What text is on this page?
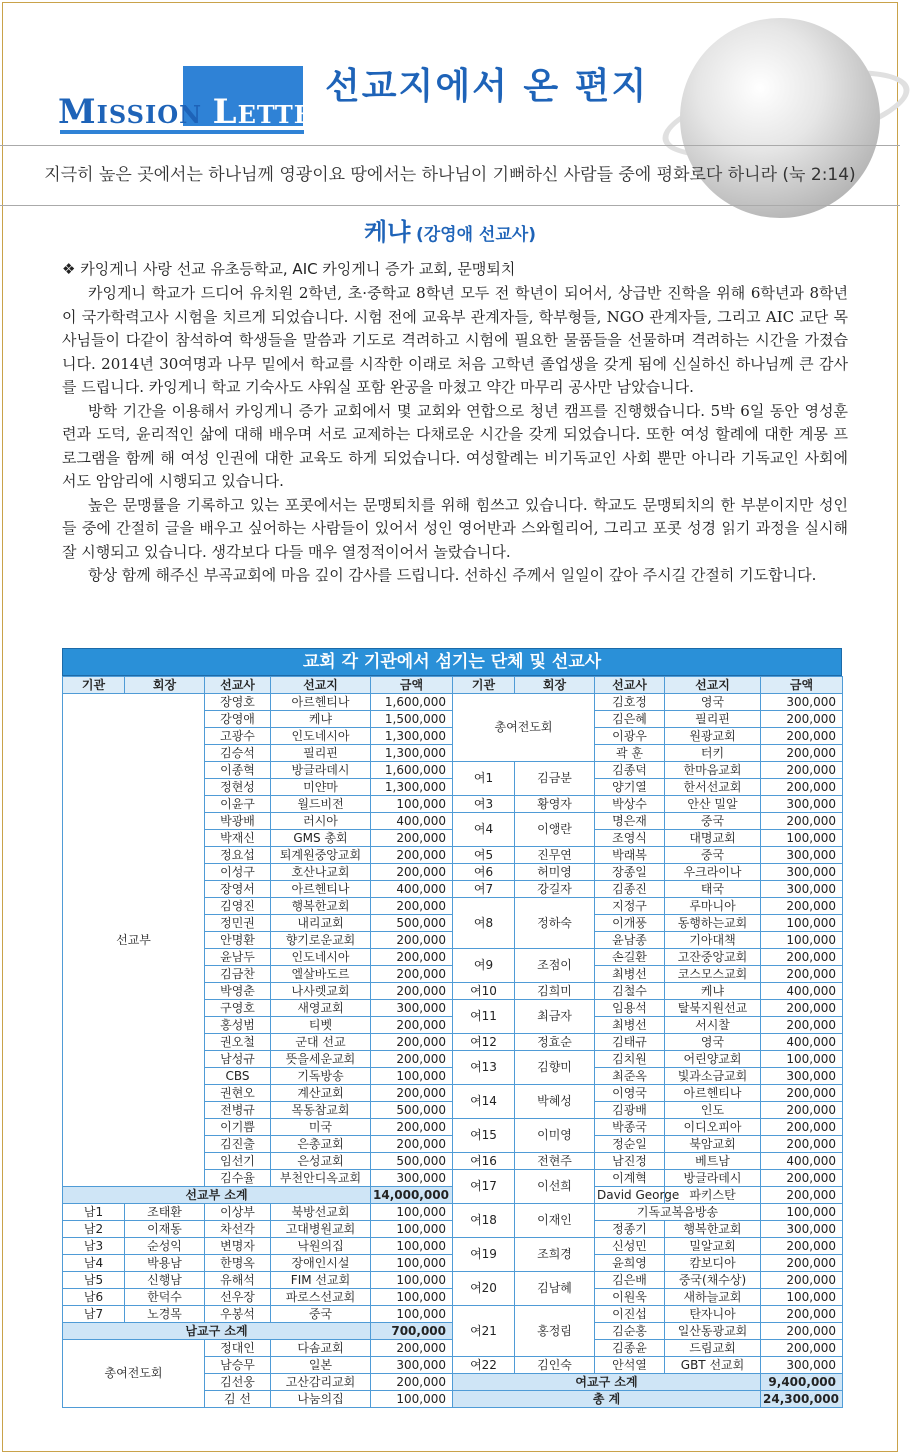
MISSION LETTER
선교지에서 온 편지
지극히 높은 곳에서는 하나님께 영광이요 땅에서는 하나님이 기뻐하신 사람들 중에 평화로다 하니라 (눅 2:14)
케냐 (강영애 선교사)
❖ 카잉게니 사랑 선교 유초등학교, AIC 카잉게니 증가 교회, 문맹퇴치

카잉게니 학교가 드디어 유치원 2학년, 초·중학교 8학년 모두 전 학년이 되어서, 상급반 진학을 위해 6학년과 8학년이 국가학력고사 시험을 치르게 되었습니다. 시험 전에 교육부 관계자들, 학부형들, NGO 관계자들, 그리고 AIC 교단 목사님들이 다같이 참석하여 학생들을 말씀과 기도로 격려하고 시험에 필요한 물품들을 선물하며 격려하는 시간을 가졌습니다. 2014년 30여명과 나무 밑에서 학교를 시작한 이래로 처음 고학년 졸업생을 갖게 됨에 신실하신 하나님께 큰 감사를 드립니다. 카잉게니 학교 기숙사도 샤워실 포함 완공을 마쳤고 약간 마무리 공사만 남았습니다.

방학 기간을 이용해서 카잉게니 증가 교회에서 몇 교회와 연합으로 청년 캠프를 진행했습니다. 5박 6일 동안 영성훈련과 도덕, 윤리적인 삶에 대해 배우며 서로 교제하는 다채로운 시간을 갖게 되었습니다. 또한 여성 할례에 대한 계몽 프로그램을 함께 해 여성 인권에 대한 교육도 하게 되었습니다. 여성할례는 비기독교인 사회 뿐만 아니라 기독교인 사회에서도 암암리에 시행되고 있습니다.

높은 문맹률을 기록하고 있는 포콧에서는 문맹퇴치를 위해 힘쓰고 있습니다. 학교도 문맹퇴치의 한 부분이지만 성인들 중에 간절히 글을 배우고 싶어하는 사람들이 있어서 성인 영어반과 스와힐리어, 그리고 포콧 성경 읽기 과정을 실시해 잘 시행되고 있습니다. 생각보다 다들 매우 열정적이어서 놀랐습니다.

항상 함께 해주신 부곡교회에 마음 깊이 감사를 드립니다. 선하신 주께서 일일이 갚아 주시길 간절히 기도합니다.

교회 각 기관에서 섬기는 단체 및 선교사
기관	회장	선교사	선교지	금액	기관	회장	선교사	선교지	금액
선교부		장영호	아르헨티나	1,600,000	총여전도회		김호정	영국	300,000
		강영애	케냐	1,500,000			김은혜	필리핀	200,000
		고광수	인도네시아	1,300,000			이광우	원광교회	200,000
		김승석	필리핀	1,300,000			곽 훈	터키	200,000
		이종혁	방글라데시	1,600,000	여1	김금분	김종덕	한마음교회	200,000
		정현성	미얀마	1,300,000			양기열	한서선교회	200,000
		이윤구	월드비전	100,000	여3	황영자	박상수	안산 밀알	300,000
		박광배	러시아	400,000	여4	이앵란	명은재	중국	200,000
		박재신	GMS 총회	200,000			조영식	대명교회	100,000
		정요섭	퇴계원중앙교회	200,000	여5	진무연	박래복	중국	300,000
		이성구	호산나교회	200,000	여6	허미영	장종일	우크라이나	300,000
		장영서	아르헨티나	400,000	여7	강길자	김종진	태국	300,000
		김영진	행복한교회	200,000	여8	정하숙	지정구	루마니아	200,000
		정민권	내리교회	500,000			이개풍	동행하는교회	100,000
		안명환	향기로운교회	200,000			윤남종	기아대책	100,000
		윤남두	인도네시아	200,000	여9	조점이	손길환	고잔중앙교회	200,000
		김금찬	엘살바도르	200,000			최병선	코스모스교회	200,000
		박영춘	나사렛교회	200,000	여10	김희미	김철수	케냐	400,000
		구영호	새영교회	300,000	여11	최금자	임용석	탈북지원선교	200,000
		홍성범	티벳	200,000			최병선	서시찰	200,000
		권오철	군대 선교	200,000	여12	정효순	김태규	영국	400,000
		남성규	뜻을세운교회	200,000	여13	김향미	김치원	어린양교회	100,000
		CBS	기독방송	100,000			최준옥	빛과소금교회	300,000
		권현오	계산교회	200,000	여14	박혜성	이영국	아르헨티나	200,000
		전병규	목동참교회	500,000			김광배	인도	200,000
		이기쁨	미국	200,000	여15	이미영	박종국	이디오피아	200,000
		김진출	은총교회	200,000			정순일	북암교회	200,000
		임선기	은성교회	500,000	여16	전현주	남진정	베트남	400,000
		김수율	부천안디옥교회	300,000	여17	이선희	이계혁	방글라데시	200,000
선교부 소계				14,000,000			David George	파키스탄	200,000
남1	조태환	이상부	북방선교회	100,000	여18	이재인	기독교복음방송		100,000
남2	이재동	차선각	고대병원교회	100,000			정종기	행복한교회	300,000
남3	순성익	변명자	낙원의집	100,000	여19	조희경	신성민	밀알교회	200,000
남4	박용남	한명옥	장애인시설	100,000			윤희영	캄보디아	200,000
남5	신행남	유해석	FIM 선교회	100,000	여20	김남혜	김은배	중국(채수상)	200,000
남6	한덕수	선우장	파로스선교회	100,000			이원욱	새하늘교회	100,000
남7	노경목	우봉석	중국	100,000	여21	홍정림	이진섭	탄자니아	200,000
남교구 소계				700,000			김순홍	일산동광교회	200,000
총여전도회		정대인	다솜교회	200,000			김종윤	드림교회	200,000
		남승무	일본	300,000	여22	김인숙	안석열	GBT 선교회	300,000
		김선웅	고산감리교회	200,000	여교구 소계				9,400,000
		김 선	나눔의집	100,000	총 계				24,300,000
